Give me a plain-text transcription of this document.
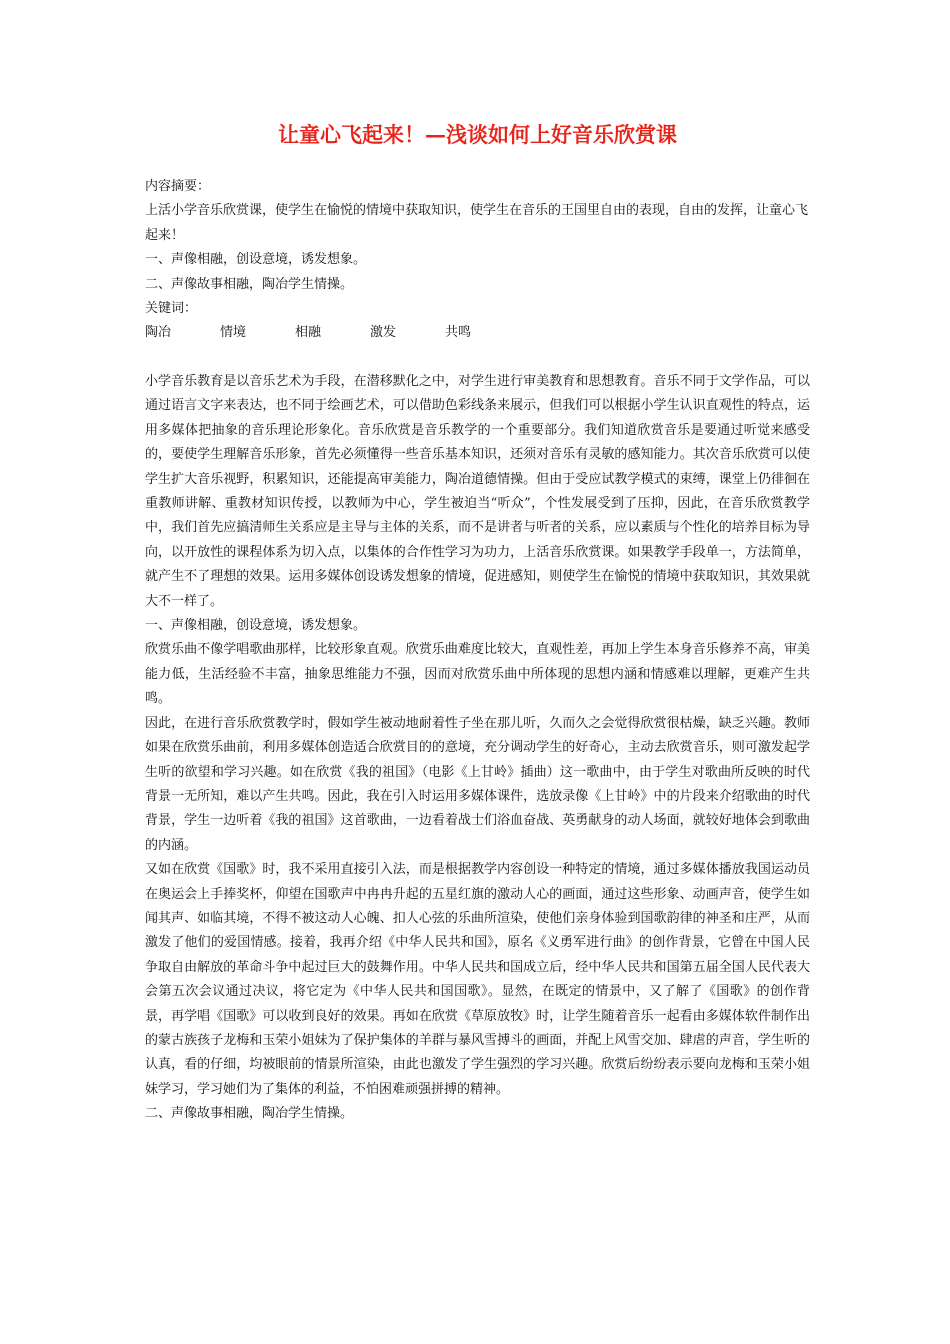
让童心飞起来！—浅谈如何上好音乐欣赏课

内容摘要：

上活小学音乐欣赏课，使学生在愉悦的情境中获取知识，使学生在音乐的王国里自由的表现，自由的发挥，让童心飞起来！

一、声像相融，创设意境，诱发想象。

二、声像故事相融，陶冶学生情操。

关键词：

陶冶	情境	相融	激发	共鸣

小学音乐教育是以音乐艺术为手段，在潜移默化之中，对学生进行审美教育和思想教育。音乐不同于文学作品，可以通过语言文字来表达，也不同于绘画艺术，可以借助色彩线条来展示，但我们可以根据小学生认识直观性的特点，运用多媒体把抽象的音乐理论形象化。音乐欣赏是音乐教学的一个重要部分。我们知道欣赏音乐是要通过听觉来感受的，要使学生理解音乐形象，首先必须懂得一些音乐基本知识，还须对音乐有灵敏的感知能力。其次音乐欣赏可以使学生扩大音乐视野，积累知识，还能提高审美能力，陶冶道德情操。但由于受应试教学模式的束缚，课堂上仍徘徊在重教师讲解、重教材知识传授，以教师为中心，学生被迫当“听众”，个性发展受到了压抑，因此，在音乐欣赏教学中，我们首先应搞清师生关系应是主导与主体的关系，而不是讲者与听者的关系，应以素质与个性化的培养目标为导向，以开放性的课程体系为切入点，以集体的合作性学习为功力，上活音乐欣赏课。如果教学手段单一，方法简单，就产生不了理想的效果。运用多媒体创设诱发想象的情境，促进感知，则使学生在愉悦的情境中获取知识，其效果就大不一样了。

一、声像相融，创设意境，诱发想象。

欣赏乐曲不像学唱歌曲那样，比较形象直观。欣赏乐曲难度比较大，直观性差，再加上学生本身音乐修养不高，审美能力低，生活经验不丰富，抽象思维能力不强，因而对欣赏乐曲中所体现的思想内涵和情感难以理解，更难产生共鸣。

因此，在进行音乐欣赏教学时，假如学生被动地耐着性子坐在那儿听，久而久之会觉得欣赏很枯燥，缺乏兴趣。教师如果在欣赏乐曲前，利用多媒体创造适合欣赏目的的意境，充分调动学生的好奇心，主动去欣赏音乐，则可激发起学生听的欲望和学习兴趣。如在欣赏《我的祖国》（电影《上甘岭》插曲）这一歌曲中，由于学生对歌曲所反映的时代背景一无所知，难以产生共鸣。因此，我在引入时运用多媒体课件，选放录像《上甘岭》中的片段来介绍歌曲的时代背景，学生一边听着《我的祖国》这首歌曲，一边看着战士们浴血奋战、英勇献身的动人场面，就较好地体会到歌曲的内涵。

又如在欣赏《国歌》时，我不采用直接引入法，而是根据教学内容创设一种特定的情境，通过多媒体播放我国运动员在奥运会上手捧奖杯，仰望在国歌声中冉冉升起的五星红旗的激动人心的画面，通过这些形象、动画声音，使学生如闻其声、如临其境，不得不被这动人心魄、扣人心弦的乐曲所渲染，使他们亲身体验到国歌韵律的神圣和庄严，从而激发了他们的爱国情感。接着，我再介绍《中华人民共和国》，原名《义勇军进行曲》的创作背景，它曾在中国人民争取自由解放的革命斗争中起过巨大的鼓舞作用。中华人民共和国成立后，经中华人民共和国第五届全国人民代表大会第五次会议通过决议，将它定为《中华人民共和国国歌》。显然，在既定的情景中，又了解了《国歌》的创作背景，再学唱《国歌》可以收到良好的效果。再如在欣赏《草原放牧》时，让学生随着音乐一起看由多媒体软件制作出的蒙古族孩子龙梅和玉荣小姐妹为了保护集体的羊群与暴风雪搏斗的画面，并配上风雪交加、肆虐的声音，学生听的认真，看的仔细，均被眼前的情景所渲染，由此也激发了学生强烈的学习兴趣。欣赏后纷纷表示要向龙梅和玉荣小姐妹学习，学习她们为了集体的利益，不怕困难顽强拼搏的精神。

二、声像故事相融，陶冶学生情操。
